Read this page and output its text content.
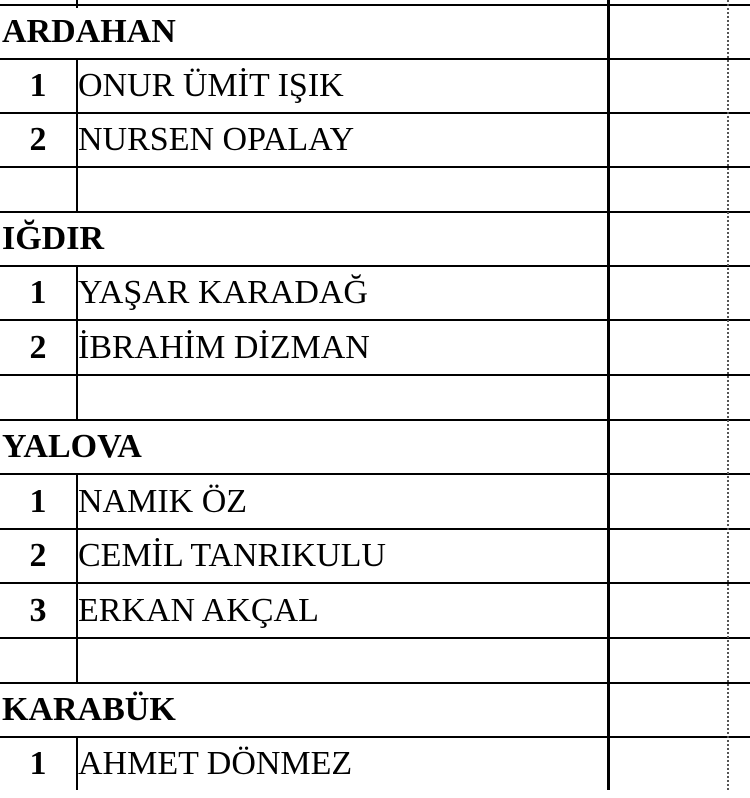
ARDAHAN
1 ONUR ÜMİT IŞIK
2 NURSEN OPALAY
IĞDIR
1 YAŞAR KARADAĞ
2 İBRAHİM DİZMAN
YALOVA
1 NAMIK ÖZ
2 CEMİL TANRIKULU
3 ERKAN AKÇAL
KARABÜK
1 AHMET DÖNMEZ
